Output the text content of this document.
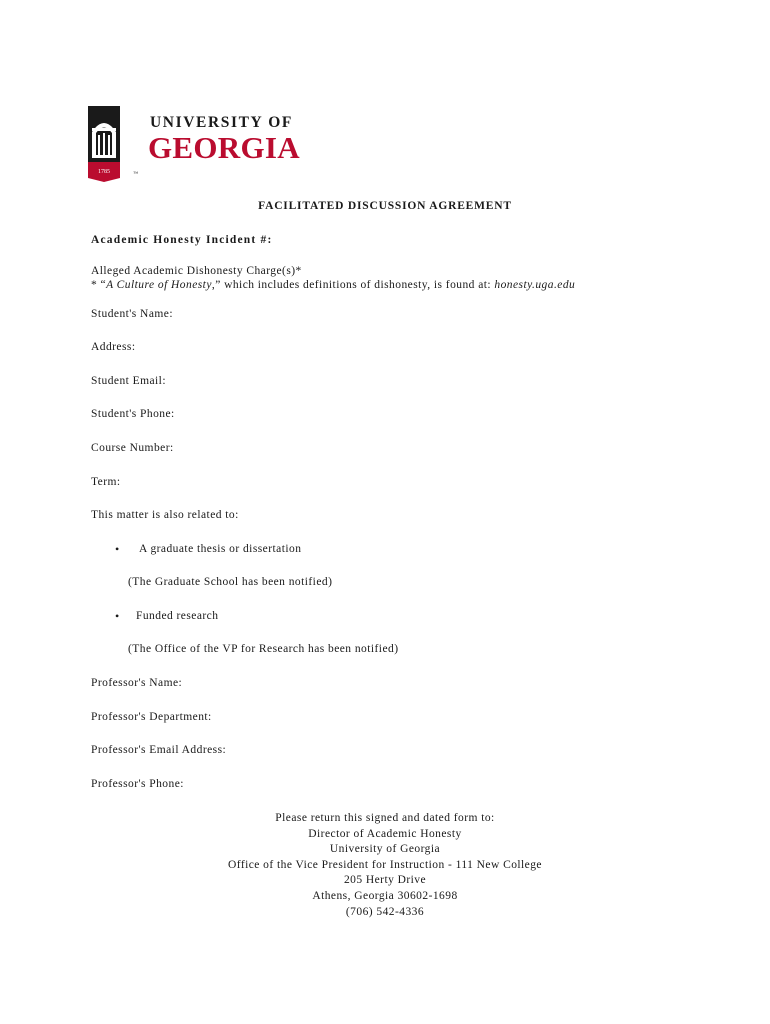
1785
UNIVERSITY OF
GEORGIA
™
FACILITATED DISCUSSION AGREEMENT
Academic Honesty Incident #:
Alleged Academic Dishonesty Charge(s)*
* “A Culture of Honesty,” which includes definitions of dishonesty, is found at: honesty.uga.edu
Student's Name:
Address:
Student Email:
Student's Phone:
Course Number:
Term:
This matter is also related to:
• A graduate thesis or dissertation
(The Graduate School has been notified)
• Funded research
(The Office of the VP for Research has been notified)
Professor's Name:
Professor's Department:
Professor's Email Address:
Professor's Phone:
Please return this signed and dated form to:
Director of Academic Honesty
University of Georgia
Office of the Vice President for Instruction - 111 New College
205 Herty Drive
Athens, Georgia 30602-1698
(706) 542-4336
